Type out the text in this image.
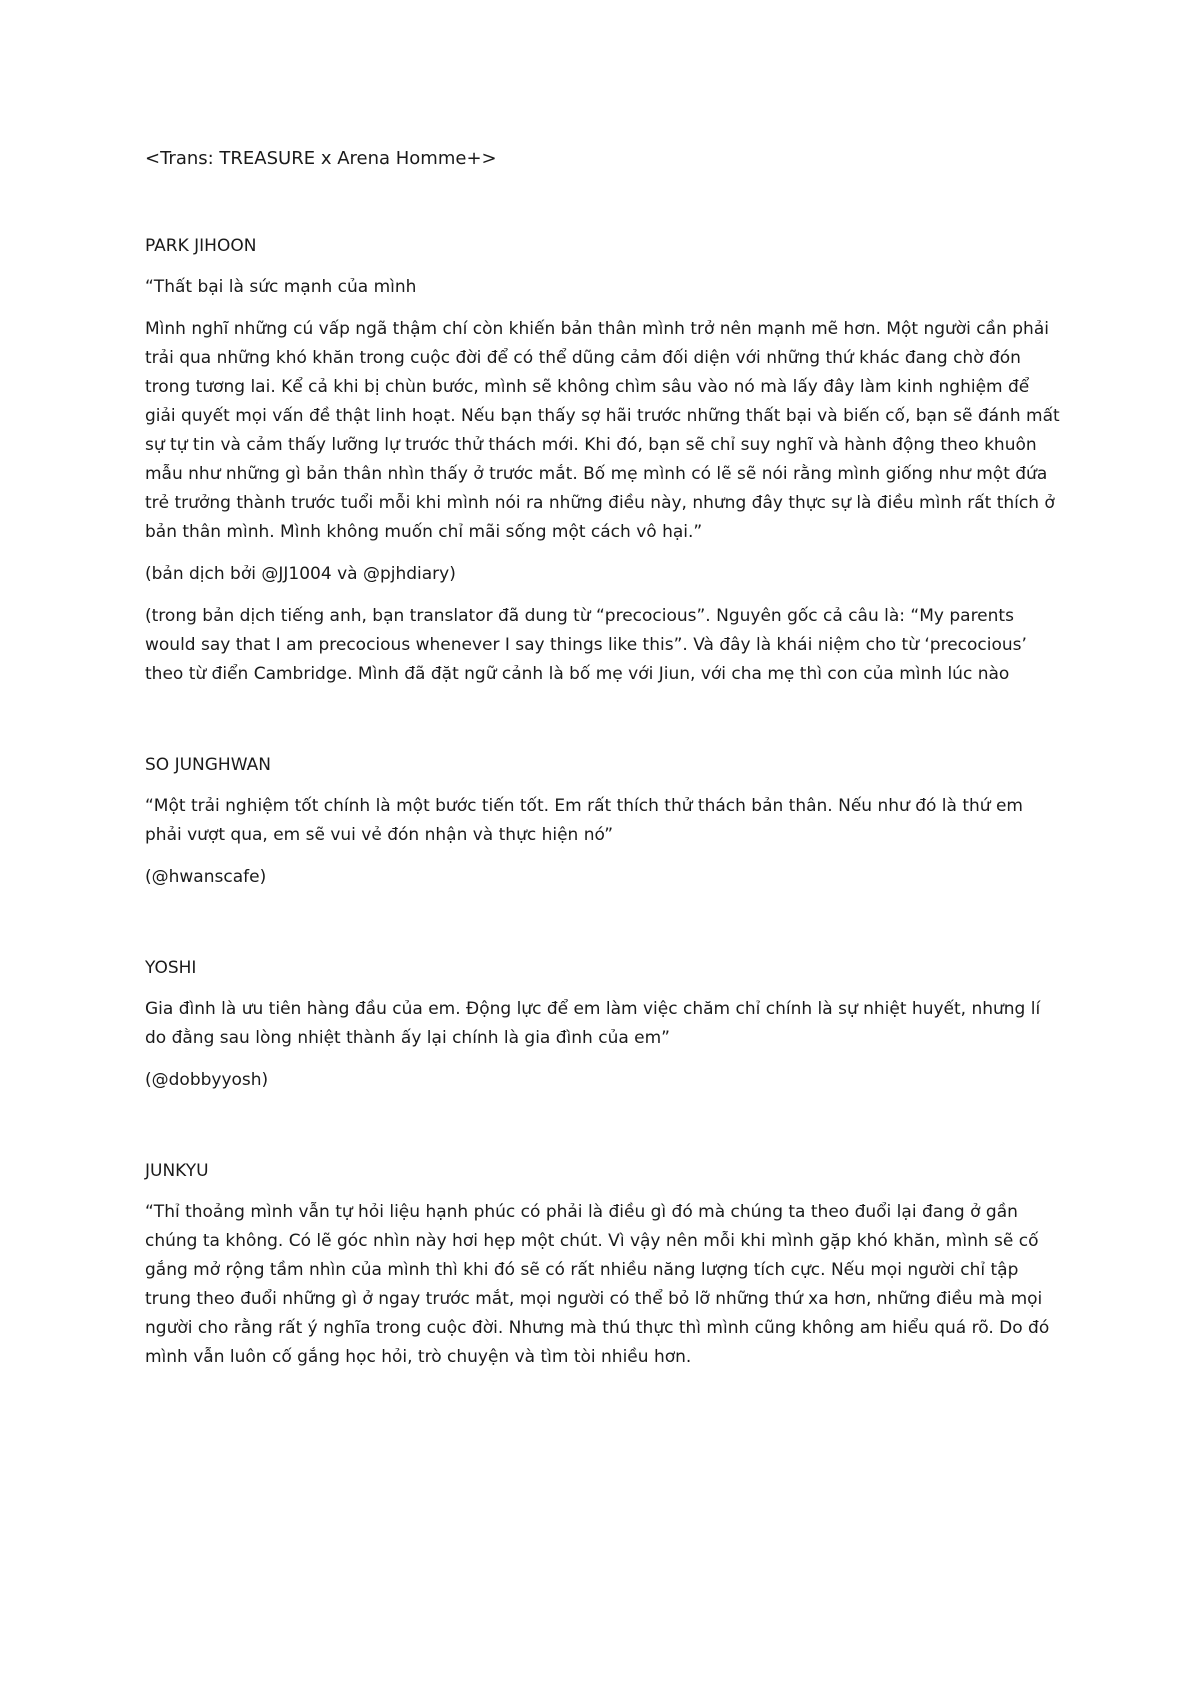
<Trans: TREASURE x Arena Homme+>

PARK JIHOON

“Thất bại là sức mạnh của mình

Mình nghĩ những cú vấp ngã thậm chí còn khiến bản thân mình trở nên mạnh mẽ hơn. Một người cần phải trải qua những khó khăn trong cuộc đời để có thể dũng cảm đối diện với những thứ khác đang chờ đón trong tương lai. Kể cả khi bị chùn bước, mình sẽ không chìm sâu vào nó mà lấy đây làm kinh nghiệm để giải quyết mọi vấn đề thật linh hoạt. Nếu bạn thấy sợ hãi trước những thất bại và biến cố, bạn sẽ đánh mất sự tự tin và cảm thấy lưỡng lự trước thử thách mới. Khi đó, bạn sẽ chỉ suy nghĩ và hành động theo khuôn mẫu như những gì bản thân nhìn thấy ở trước mắt. Bố mẹ mình có lẽ sẽ nói rằng mình giống như một đứa trẻ trưởng thành trước tuổi mỗi khi mình nói ra những điều này, nhưng đây thực sự là điều mình rất thích ở bản thân mình. Mình không muốn chỉ mãi sống một cách vô hại.”

(bản dịch bởi @JJ1004 và @pjhdiary)

(trong bản dịch tiếng anh, bạn translator đã dung từ “precocious”. Nguyên gốc cả câu là: “My parents would say that I am precocious whenever I say things like this”. Và đây là khái niệm cho từ ‘precocious’ theo từ điển Cambridge. Mình đã đặt ngữ cảnh là bố mẹ với Jiun, với cha mẹ thì con của mình lúc nào

SO JUNGHWAN

“Một trải nghiệm tốt chính là một bước tiến tốt. Em rất thích thử thách bản thân. Nếu như đó là thứ em phải vượt qua, em sẽ vui vẻ đón nhận và thực hiện nó”

(@hwanscafe)

YOSHI

Gia đình là ưu tiên hàng đầu của em. Động lực để em làm việc chăm chỉ chính là sự nhiệt huyết, nhưng lí do đằng sau lòng nhiệt thành ấy lại chính là gia đình của em”

(@dobbyyosh)

JUNKYU

“Thỉ thoảng mình vẫn tự hỏi liệu hạnh phúc có phải là điều gì đó mà chúng ta theo đuổi lại đang ở gần chúng ta không. Có lẽ góc nhìn này hơi hẹp một chút. Vì vậy nên mỗi khi mình gặp khó khăn, mình sẽ cố gắng mở rộng tầm nhìn của mình thì khi đó sẽ có rất nhiều năng lượng tích cực. Nếu mọi người chỉ tập trung theo đuổi những gì ở ngay trước mắt, mọi người có thể bỏ lỡ những thứ xa hơn, những điều mà mọi người cho rằng rất ý nghĩa trong cuộc đời. Nhưng mà thú thực thì mình cũng không am hiểu quá rõ. Do đó mình vẫn luôn cố gắng học hỏi, trò chuyện và tìm tòi nhiều hơn.
